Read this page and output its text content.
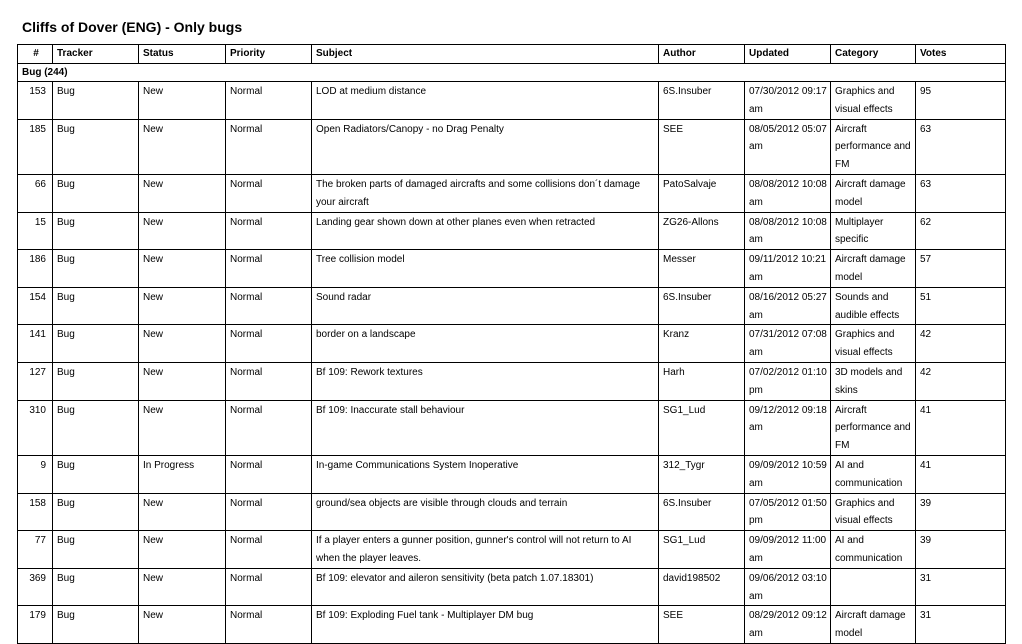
Cliffs of Dover (ENG) - Only bugs
#	Tracker	Status	Priority	Subject	Author	Updated	Category	Votes
Bug (244)								
153	Bug	New	Normal	LOD at medium distance	6S.Insuber	07/30/2012 09:17 am	Graphics and visual effects	95
185	Bug	New	Normal	Open Radiators/Canopy - no Drag Penalty	SEE	08/05/2012 05:07 am	Aircraft performance and FM	63
66	Bug	New	Normal	The broken parts of damaged aircrafts and some collisions don´t damage your aircraft	PatoSalvaje	08/08/2012 10:08 am	Aircraft damage model	63
15	Bug	New	Normal	Landing gear shown down at other planes even when retracted	ZG26-Allons	08/08/2012 10:08 am	Multiplayer specific	62
186	Bug	New	Normal	Tree collision model	Messer	09/11/2012 10:21 am	Aircraft damage model	57
154	Bug	New	Normal	Sound radar	6S.Insuber	08/16/2012 05:27 am	Sounds and audible effects	51
141	Bug	New	Normal	border on a landscape	Kranz	07/31/2012 07:08 am	Graphics and visual effects	42
127	Bug	New	Normal	Bf 109: Rework textures	Harh	07/02/2012 01:10 pm	3D models and skins	42
310	Bug	New	Normal	Bf 109: Inaccurate stall behaviour	SG1_Lud	09/12/2012 09:18 am	Aircraft performance and FM	41
9	Bug	In Progress	Normal	In-game Communications System Inoperative	312_Tygr	09/09/2012 10:59 am	AI and communication	41
158	Bug	New	Normal	ground/sea objects are visible through clouds and terrain	6S.Insuber	07/05/2012 01:50 pm	Graphics and visual effects	39
77	Bug	New	Normal	If a player enters a gunner position, gunner's control will not return to AI when the player leaves.	SG1_Lud	09/09/2012 11:00 am	AI and communication	39
369	Bug	New	Normal	Bf 109: elevator and aileron sensitivity (beta patch 1.07.18301)	david198502	09/06/2012 03:10 am		31
179	Bug	New	Normal	Bf 109: Exploding Fuel tank - Multiplayer DM bug	SEE	08/29/2012 09:12 am	Aircraft damage model	31
